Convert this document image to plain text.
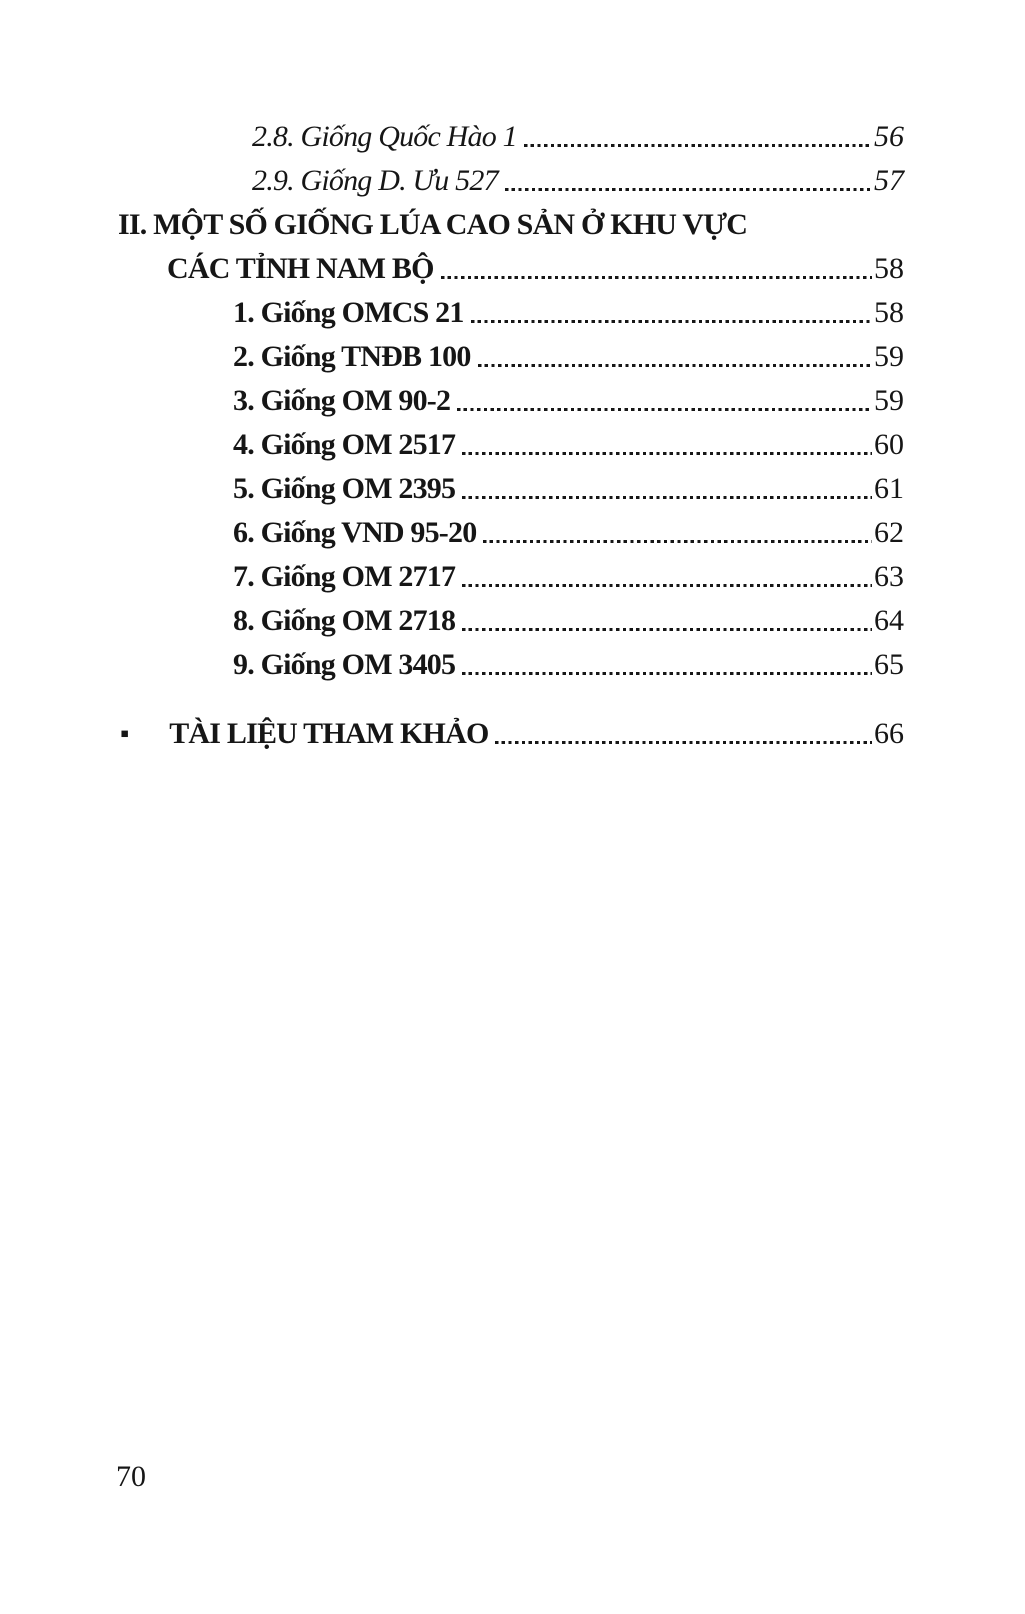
2.8. Giống Quốc Hào 1	56
2.9. Giống D. Ưu 527	57
II. MỘT SỐ GIỐNG LÚA CAO SẢN Ở KHU VỰC
CÁC TỈNH NAM BỘ	58
1. Giống OMCS 21	58
2. Giống TNĐB 100	59
3. Giống OM 90-2	59
4. Giống OM 2517	60
5. Giống OM 2395	61
6. Giống VND 95-20	62
7. Giống OM 2717	63
8. Giống OM 2718	64
9. Giống OM 3405	65
▪ TÀI LIỆU THAM KHẢO	66
70
